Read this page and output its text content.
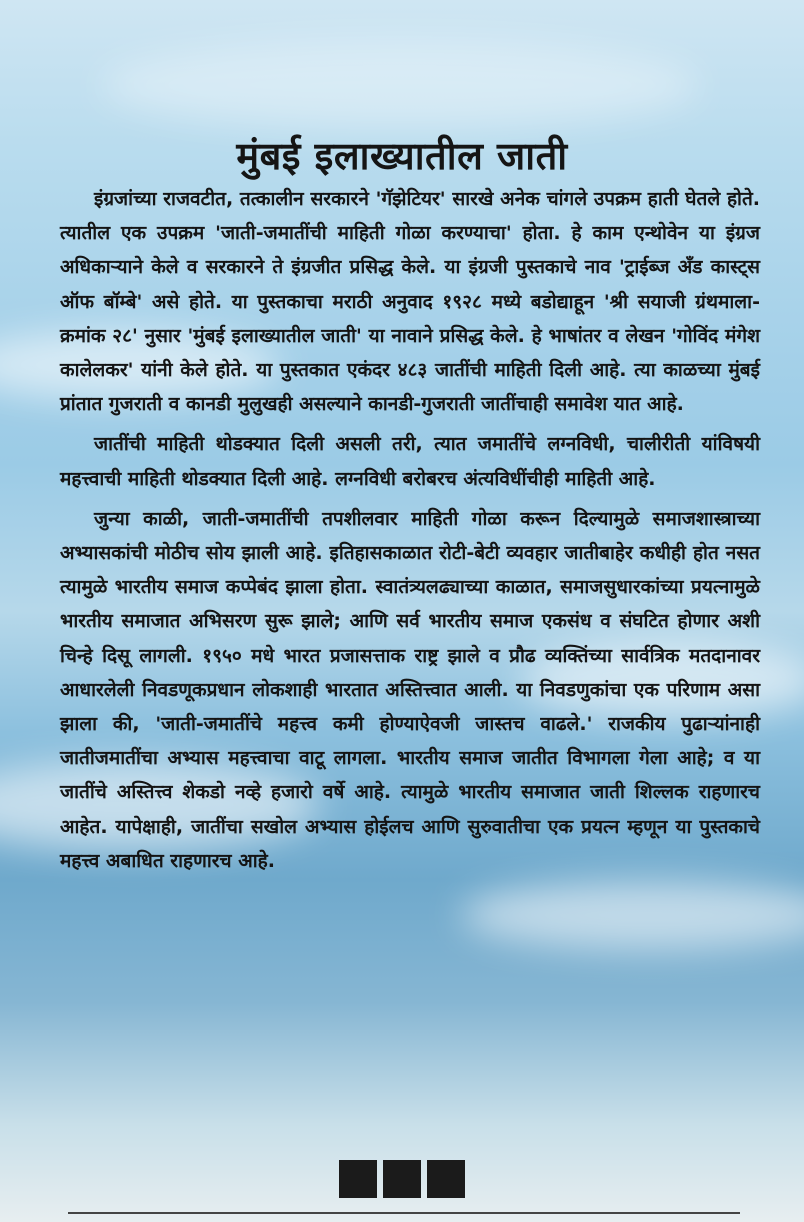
मुंबई इलाख्यातील जाती

इंग्रजांच्या राजवटीत, तत्कालीन सरकारने 'गॅझेटियर' सारखे अनेक चांगले उपक्रम हाती घेतले होते. त्यातील एक उपक्रम 'जाती-जमातींची माहिती गोळा करण्याचा' होता. हे काम एन्थोवेन या इंग्रज अधिकाऱ्याने केले व सरकारने ते इंग्रजीत प्रसिद्ध केले. या इंग्रजी पुस्तकाचे नाव 'ट्राईब्ज अँड कास्ट्स ऑफ बॉम्बे' असे होते. या पुस्तकाचा मराठी अनुवाद १९२८ मध्ये बडोद्याहून 'श्री सयाजी ग्रंथमाला- क्रमांक २८' नुसार 'मुंबई इलाख्यातील जाती' या नावाने प्रसिद्ध केले. हे भाषांतर व लेखन 'गोविंद मंगेश कालेलकर' यांनी केले होते. या पुस्तकात एकंदर ४८३ जातींची माहिती दिली आहे. त्या काळच्या मुंबई प्रांतात गुजराती व कानडी मुलुखही असल्याने कानडी-गुजराती जातींचाही समावेश यात आहे.

जातींची माहिती थोडक्यात दिली असली तरी, त्यात जमातींचे लग्नविधी, चालीरीती यांविषयी महत्त्वाची माहिती थोडक्यात दिली आहे. लग्नविधी बरोबरच अंत्यविधींचीही माहिती आहे.

जुन्या काळी, जाती-जमातींची तपशीलवार माहिती गोळा करून दिल्यामुळे समाजशास्त्राच्या अभ्यासकांची मोठीच सोय झाली आहे. इतिहासकाळात रोटी-बेटी व्यवहार जातीबाहेर कधीही होत नसत त्यामुळे भारतीय समाज कप्पेबंद झाला होता. स्वातंत्र्यलढ्याच्या काळात, समाजसुधारकांच्या प्रयत्नामुळे भारतीय समाजात अभिसरण सुरू झाले; आणि सर्व भारतीय समाज एकसंध व संघटित होणार अशी चिन्हे दिसू लागली. १९५० मधे भारत प्रजासत्ताक राष्ट्र झाले व प्रौढ व्यक्तिंच्या सार्वत्रिक मतदानावर आधारलेली निवडणूकप्रधान लोकशाही भारतात अस्तित्त्वात आली. या निवडणुकांचा एक परिणाम असा झाला की, 'जाती-जमातींचे महत्त्व कमी होण्याऐवजी जास्तच वाढले.' राजकीय पुढाऱ्यांनाही जातीजमातींचा अभ्यास महत्त्वाचा वाटू लागला. भारतीय समाज जातीत विभागला गेला आहे; व या जातींचे अस्तित्त्व शेकडो नव्हे हजारो वर्षे आहे. त्यामुळे भारतीय समाजात जाती शिल्लक राहणारच आहेत. यापेक्षाही, जातींचा सखोल अभ्यास होईलच आणि सुरुवातीचा एक प्रयत्न म्हणून या पुस्तकाचे महत्त्व अबाधित राहणारच आहे.
